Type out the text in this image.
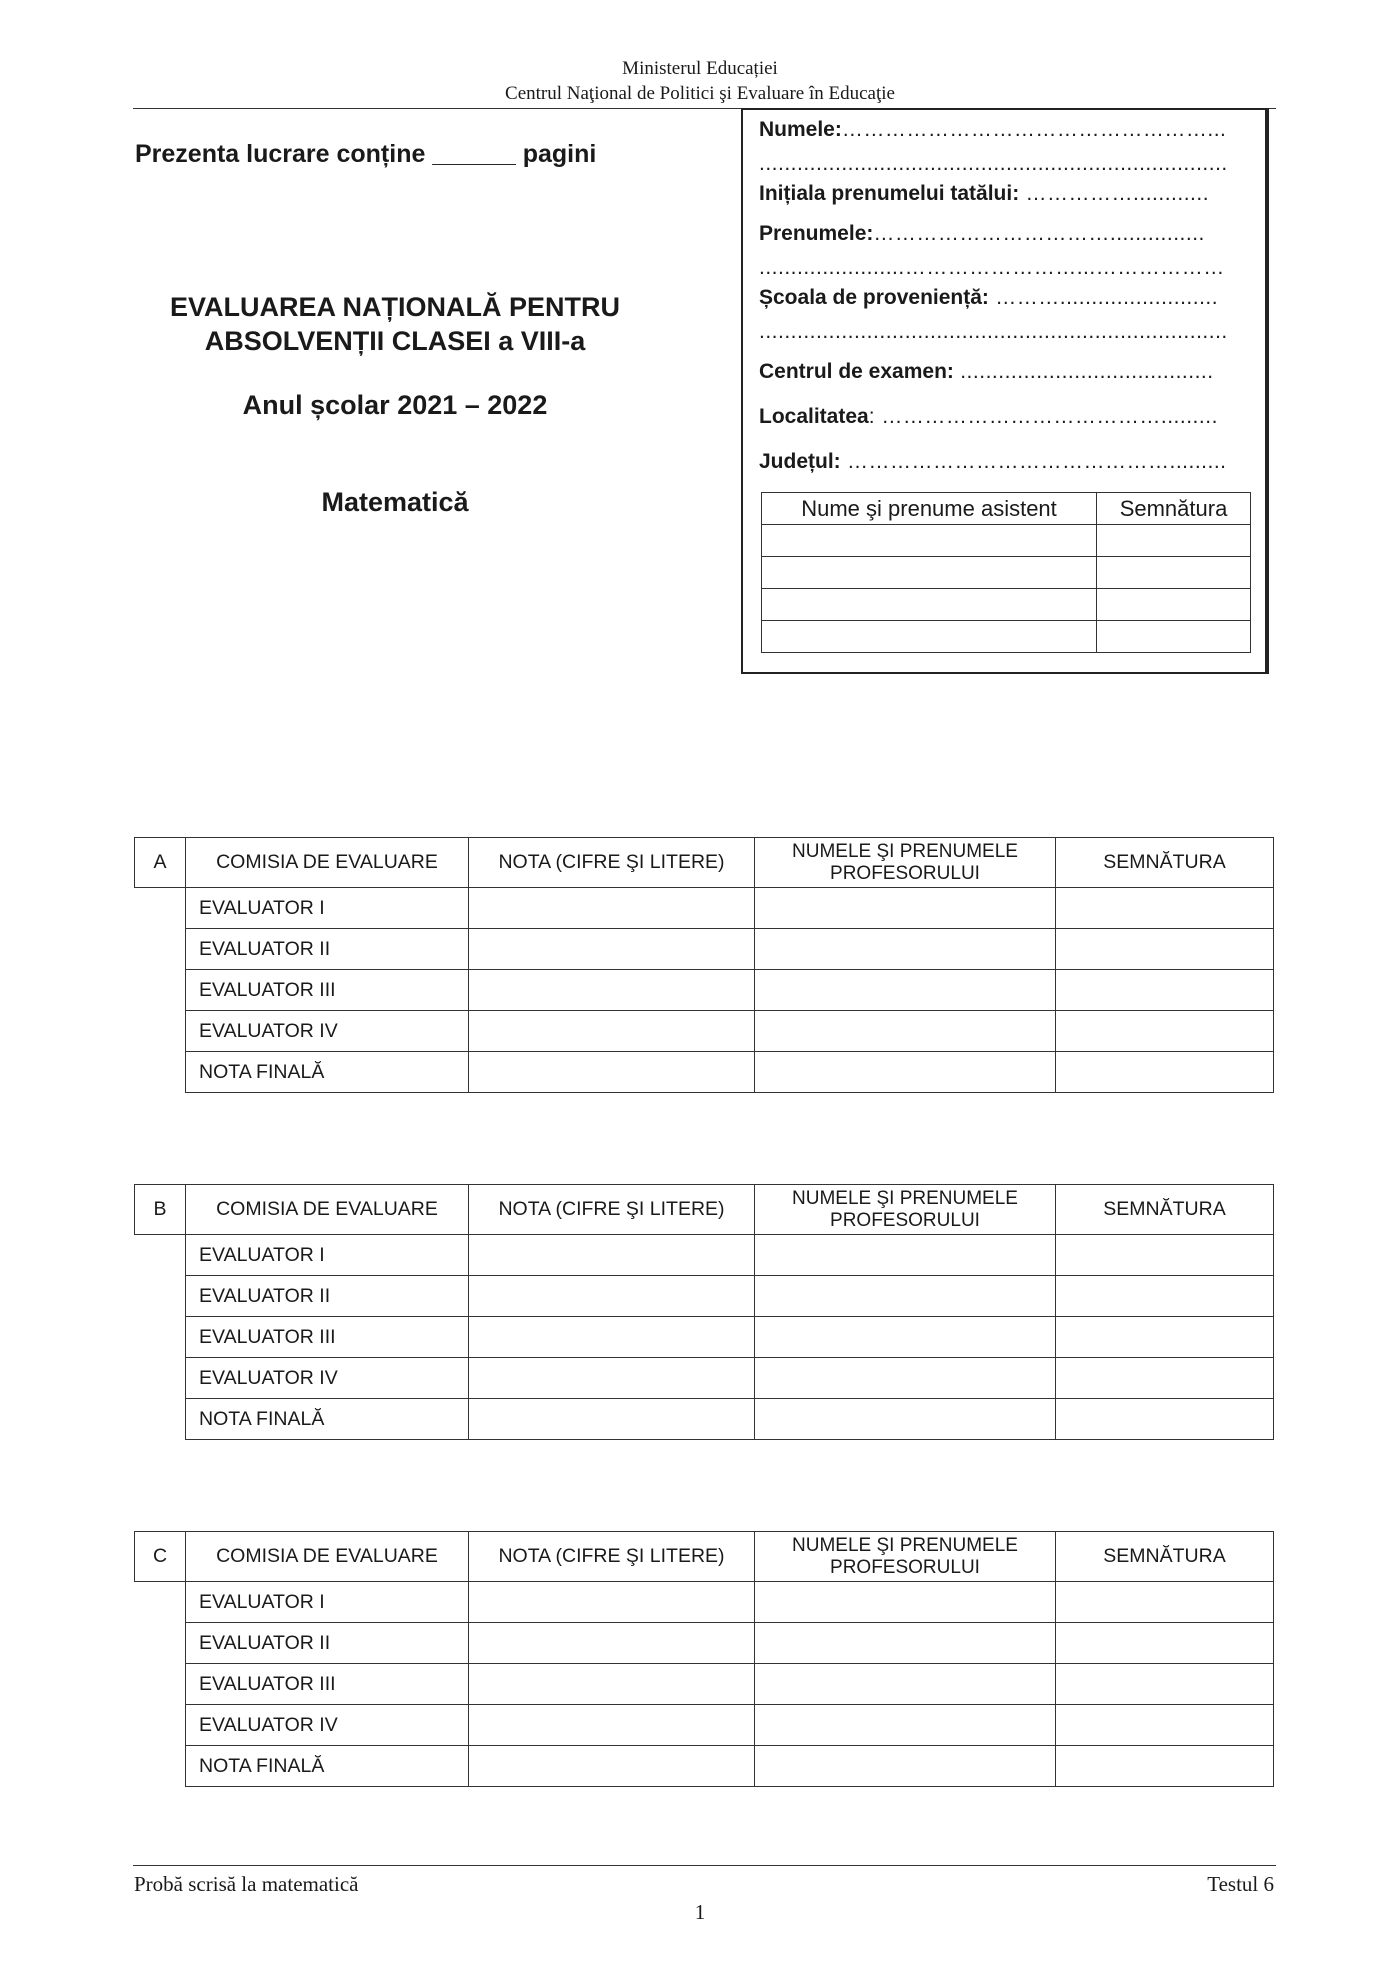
Ministerul Educației
Centrul Naţional de Politici şi Evaluare în Educaţie
Prezenta lucrare conține ______ pagini
EVALUAREA NAȚIONALĂ PENTRU
ABSOLVENȚII CLASEI a VIII-a
Anul școlar 2021 – 2022
Matematică
Numele:……………………………………………...
..........................................................................
Inițiala prenumelui tatălui: ……………............
Prenumele:……………………………...............
.......................……………………...………………
Școala de proveniență: ……….........................
..........................................................................
Centrul de examen: ........................................
Localitatea: ………………………………….........
Județul: ……………………………………….........
Nume şi prenume asistent	Semnătura

A	COMISIA DE EVALUARE	NOTA (CIFRE ŞI LITERE)	NUMELE ŞI PRENUMELE
PROFESORULUI	SEMNĂTURA
	EVALUATOR I			
	EVALUATOR II			
	EVALUATOR III			
	EVALUATOR IV			
	NOTA FINALĂ			
B	COMISIA DE EVALUARE	NOTA (CIFRE ŞI LITERE)	NUMELE ŞI PRENUMELE
PROFESORULUI	SEMNĂTURA
	EVALUATOR I			
	EVALUATOR II			
	EVALUATOR III			
	EVALUATOR IV			
	NOTA FINALĂ			
C	COMISIA DE EVALUARE	NOTA (CIFRE ŞI LITERE)	NUMELE ŞI PRENUMELE
PROFESORULUI	SEMNĂTURA
	EVALUATOR I			
	EVALUATOR II			
	EVALUATOR III			
	EVALUATOR IV			
	NOTA FINALĂ			
Probă scrisă la matematică	Testul 6
1
